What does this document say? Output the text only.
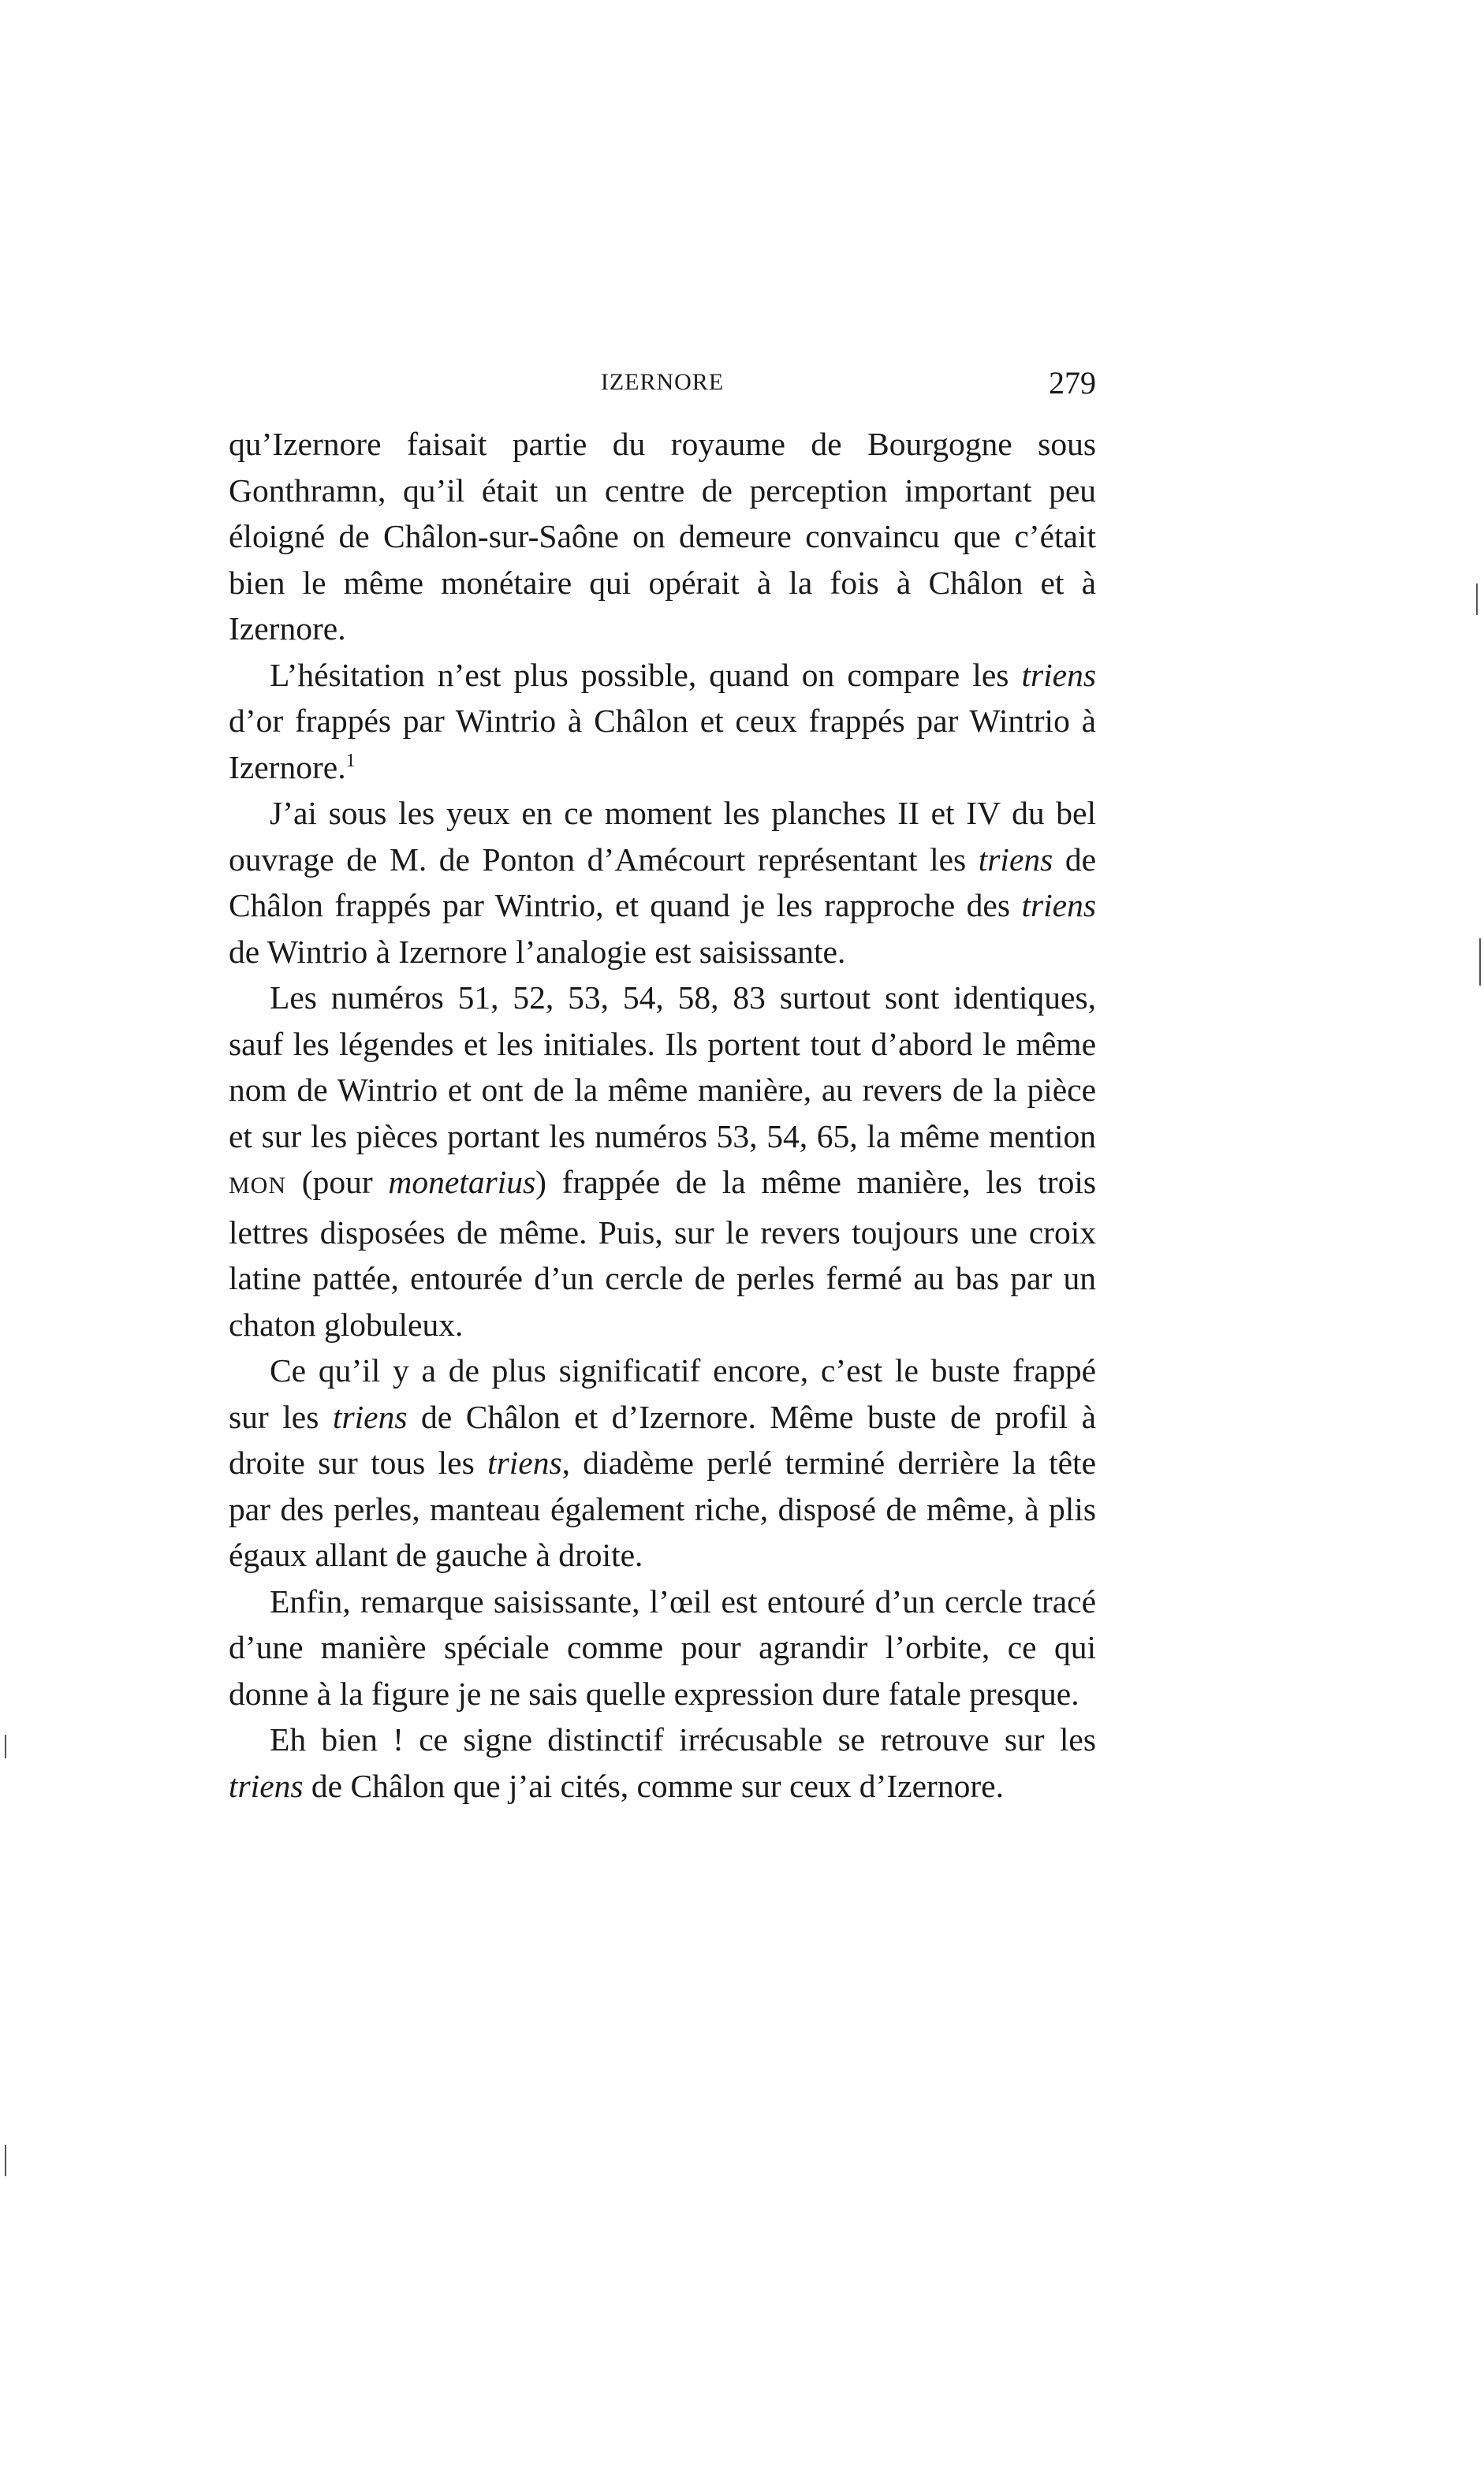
IZERNORE	279

qu’Izernore faisait partie du royaume de Bourgogne sous Gonthramn, qu’il était un centre de perception important peu éloigné de Châlon-sur-Saône on demeure convaincu que c’était bien le même monétaire qui opérait à la fois à Châlon et à Izernore.

L’hésitation n’est plus possible, quand on compare les triens d’or frappés par Wintrio à Châlon et ceux frappés par Wintrio à Izernore.$^1$

J’ai sous les yeux en ce moment les planches II et IV du bel ouvrage de M. de Ponton d’Amécourt représentant les triens de Châlon frappés par Wintrio, et quand je les rapproche des triens de Wintrio à Izernore l’analogie est saisissante.

Les numéros 51, 52, 53, 54, 58, 83 surtout sont identiques, sauf les légendes et les initiales. Ils portent tout d’abord le même nom de Wintrio et ont de la même manière, au revers de la pièce et sur les pièces portant les numéros 53, 54, 65, la même mention MON (pour monetarius) frappée de la même manière, les trois lettres disposées de même. Puis, sur le revers toujours une croix latine pattée, entourée d’un cercle de perles fermé au bas par un chaton globuleux.

Ce qu’il y a de plus significatif encore, c’est le buste frappé sur les triens de Châlon et d’Izernore. Même buste de profil à droite sur tous les triens, diadème perlé terminé derrière la tête par des perles, manteau également riche, disposé de même, à plis égaux allant de gauche à droite.

Enfin, remarque saisissante, l’œil est entouré d’un cercle tracé d’une manière spéciale comme pour agrandir l’orbite, ce qui donne à la figure je ne sais quelle expression dure fatale presque.

Eh bien ! ce signe distinctif irrécusable se retrouve sur les triens de Châlon que j’ai cités, comme sur ceux d’Izernore.
